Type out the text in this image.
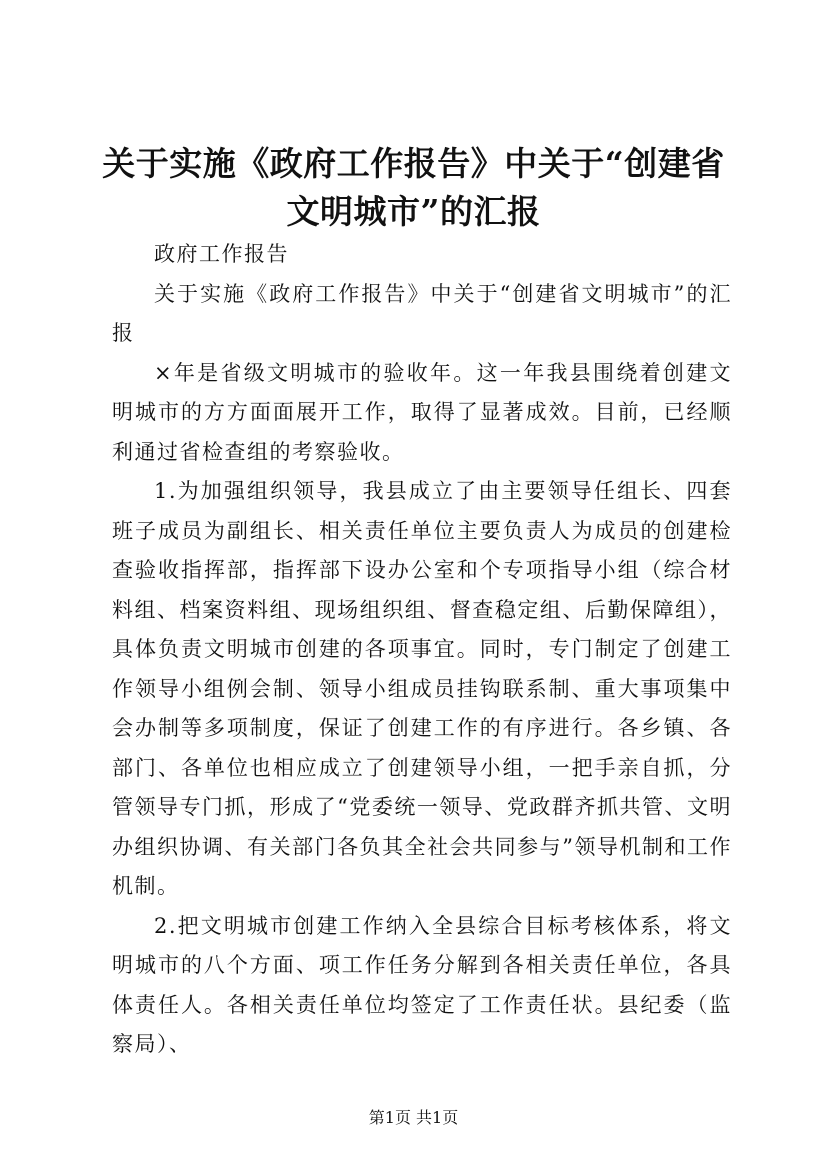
关于实施《政府工作报告》中关于“创建省文明城市”的汇报

政府工作报告

关于实施《政府工作报告》中关于“创建省文明城市”的汇报

×年是省级文明城市的验收年。这一年我县围绕着创建文明城市的方方面面展开工作，取得了显著成效。目前，已经顺利通过省检查组的考察验收。

1.为加强组织领导，我县成立了由主要领导任组长、四套班子成员为副组长、相关责任单位主要负责人为成员的创建检查验收指挥部，指挥部下设办公室和个专项指导小组（综合材料组、档案资料组、现场组织组、督查稳定组、后勤保障组），具体负责文明城市创建的各项事宜。同时，专门制定了创建工作领导小组例会制、领导小组成员挂钩联系制、重大事项集中会办制等多项制度，保证了创建工作的有序进行。各乡镇、各部门、各单位也相应成立了创建领导小组，一把手亲自抓，分管领导专门抓，形成了“党委统一领导、党政群齐抓共管、文明办组织协调、有关部门各负其全社会共同参与”领导机制和工作机制。

2.把文明城市创建工作纳入全县综合目标考核体系，将文明城市的八个方面、项工作任务分解到各相关责任单位，各具体责任人。各相关责任单位均签定了工作责任状。县纪委（监察局）、

第1页 共1页
